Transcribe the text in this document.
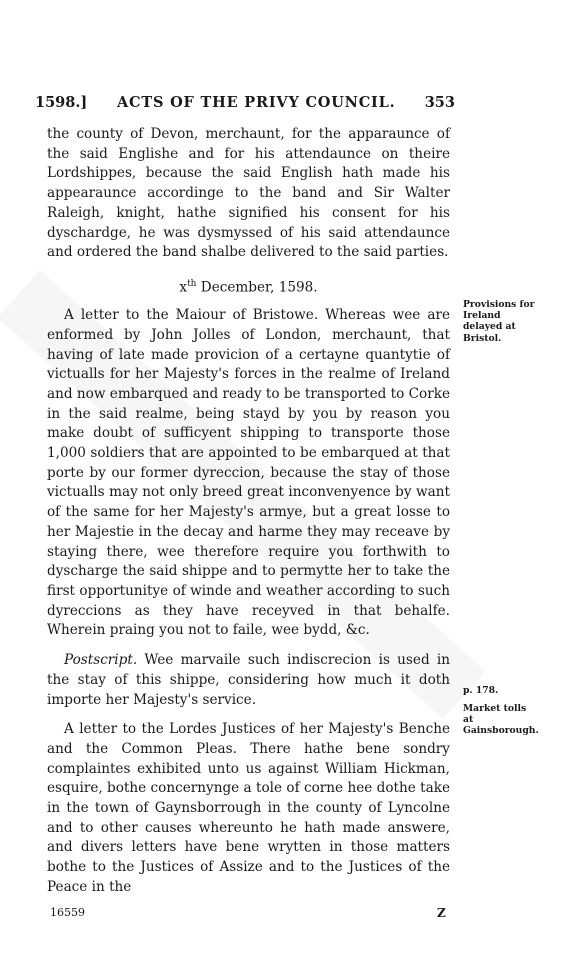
1598.] ACTS OF THE PRIVY COUNCIL. 353

the county of Devon, merchaunt, for the apparaunce of the said Englishe and for his attendaunce on theire Lordshippes, because the said English hath made his appearaunce accordinge to the band and Sir Walter Raleigh, knight, hathe signified his consent for his dyschardge, he was dysmyssed of his said attendaunce and ordered the band shalbe delivered to the said parties.

$x^{th}$ December, 1598.

A letter to the Maiour of Bristowe. Whereas wee are enformed by John Jolles of London, merchaunt, that having of late made provicion of a certayne quantytie of victualls for her Majesty's forces in the realme of Ireland and now embarqued and ready to be transported to Corke in the said realme, being stayd by you by reason you make doubt of sufficyent shipping to transporte those 1,000 soldiers that are appointed to be embarqued at that porte by our former dyreccion, because the stay of those victualls may not only breed great inconvenyence by want of the same for her Majesty's armye, but a great losse to her Majestie in the decay and harme they may receave by staying there, wee therefore require you forthwith to dyscharge the said shippe and to permytte her to take the first opportunitye of winde and weather according to such dyreccions as they have receyved in that behalfe. Wherein praing you not to faile, wee bydd, &c.

Postscript. Wee marvaile such indiscrecion is used in the stay of this shippe, considering how much it doth importe her Majesty's service.

A letter to the Lordes Justices of her Majesty's Benche and the Common Pleas. There hathe bene sondry complaintes exhibited unto us against William Hickman, esquire, bothe concernynge a tole of corne hee dothe take in the town of Gaynsborrough in the county of Lyncolne and to other causes whereunto he hath made answere, and divers letters have bene wrytten in those matters bothe to the Justices of Assize and to the Justices of the Peace in the

Provisions for Ireland delayed at Bristol.
p. 178.
Market tolls at Gainsborough.
16559	Z
